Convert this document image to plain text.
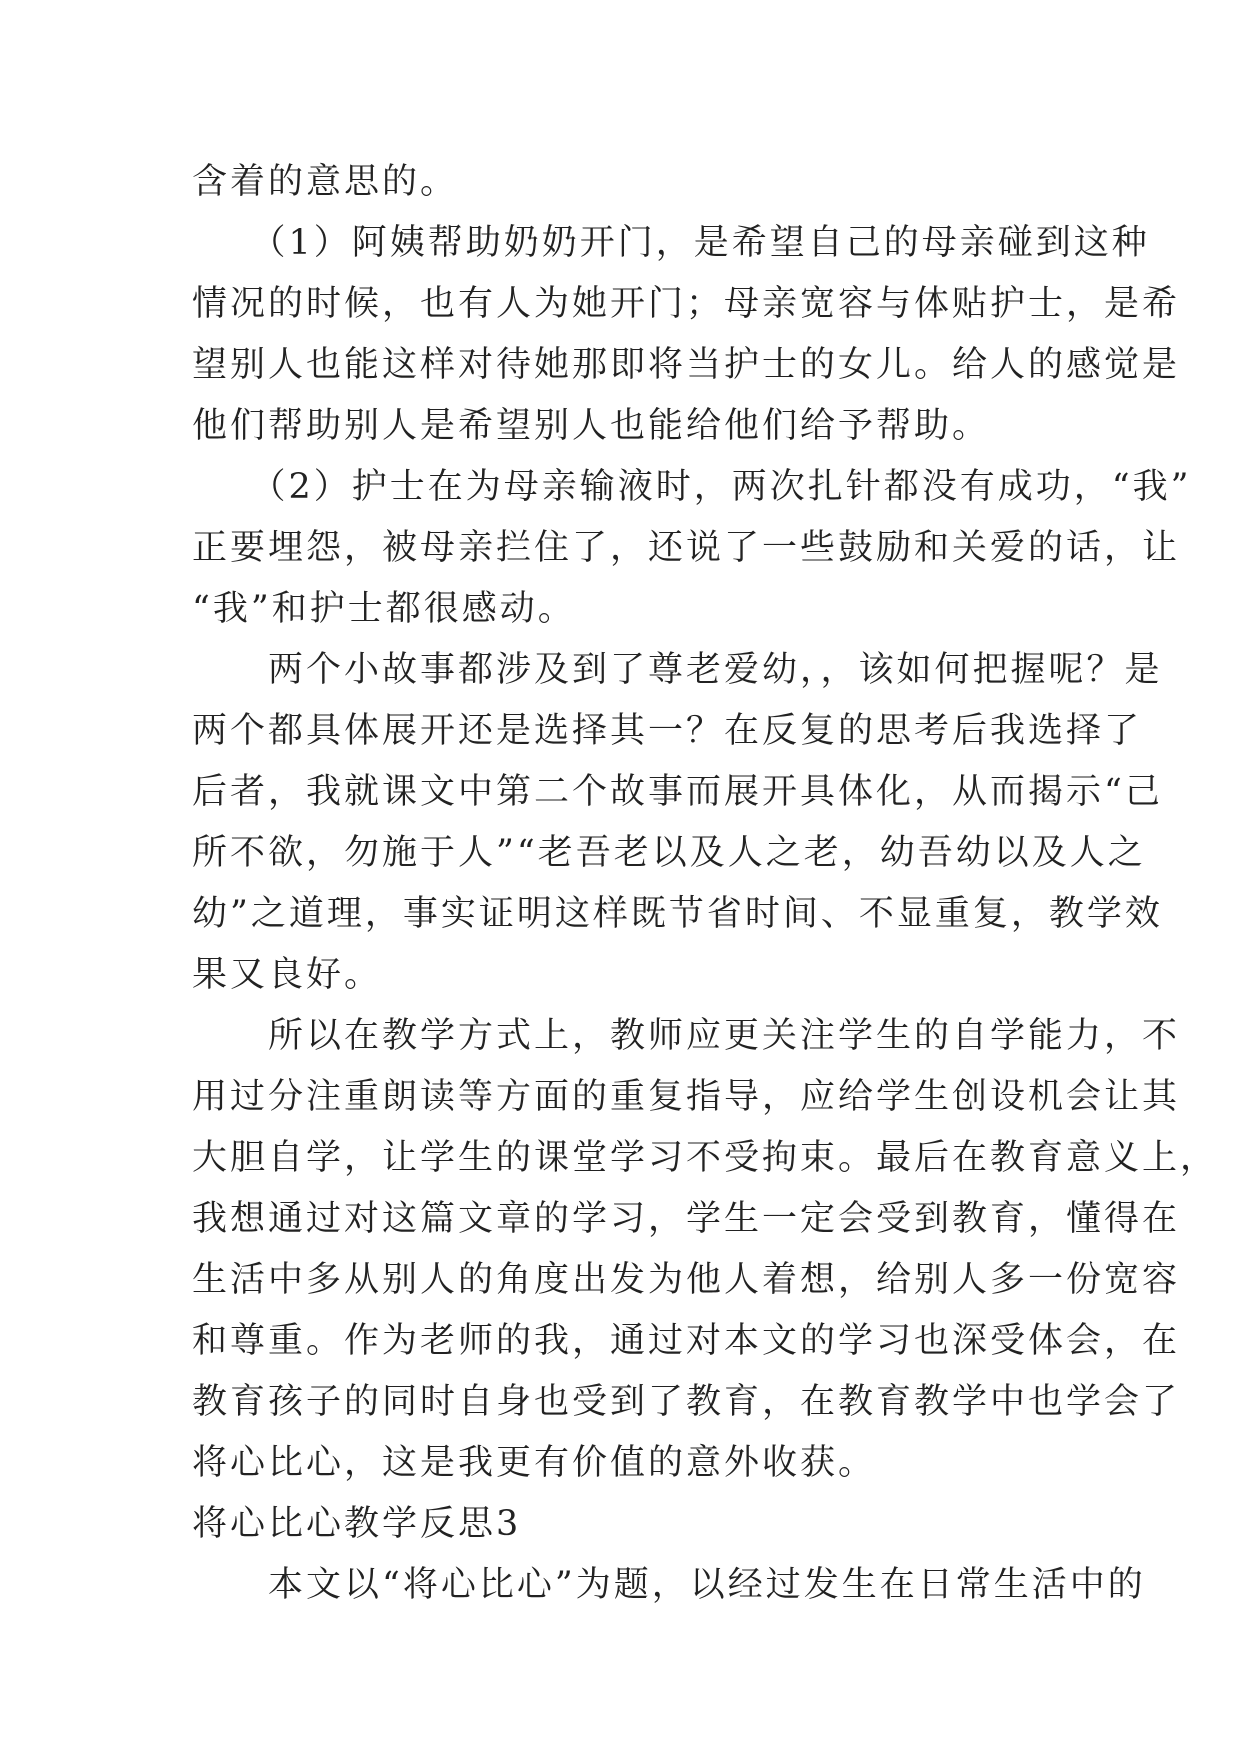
含着的意思的。
　　（1）阿姨帮助奶奶开门，是希望自己的母亲碰到这种
情况的时候，也有人为她开门；母亲宽容与体贴护士，是希
望别人也能这样对待她那即将当护士的女儿。给人的感觉是
他们帮助别人是希望别人也能给他们给予帮助。
　　（2）护士在为母亲输液时，两次扎针都没有成功，“我”
正要埋怨，被母亲拦住了，还说了一些鼓励和关爱的话，让
“我”和护士都很感动。
　　两个小故事都涉及到了尊老爱幼，，该如何把握呢？是
两个都具体展开还是选择其一？在反复的思考后我选择了
后者，我就课文中第二个故事而展开具体化，从而揭示“己
所不欲，勿施于人”“老吾老以及人之老，幼吾幼以及人之
幼”之道理，事实证明这样既节省时间、不显重复，教学效
果又良好。
　　所以在教学方式上，教师应更关注学生的自学能力，不
用过分注重朗读等方面的重复指导，应给学生创设机会让其
大胆自学，让学生的课堂学习不受拘束。最后在教育意义上，
我想通过对这篇文章的学习，学生一定会受到教育，懂得在
生活中多从别人的角度出发为他人着想，给别人多一份宽容
和尊重。作为老师的我，通过对本文的学习也深受体会，在
教育孩子的同时自身也受到了教育，在教育教学中也学会了
将心比心，这是我更有价值的意外收获。
将心比心教学反思3
　　本文以“将心比心”为题，以经过发生在日常生活中的
